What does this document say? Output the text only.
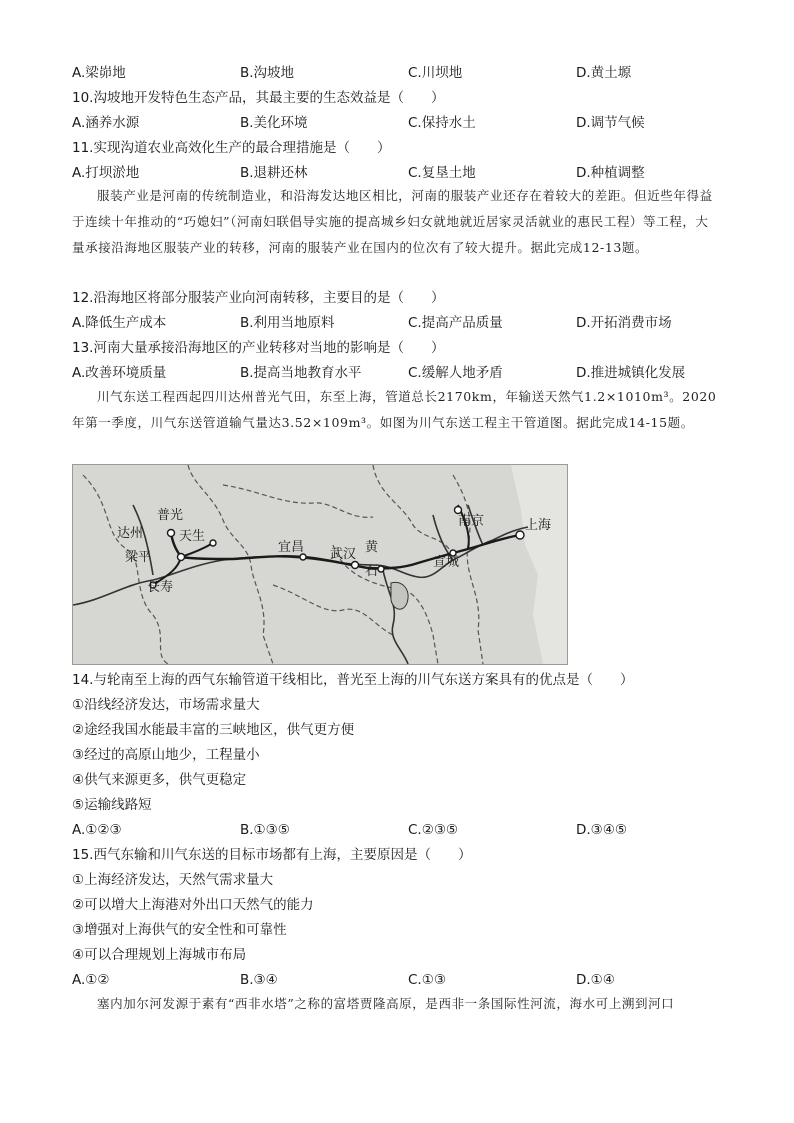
A.梁峁地	B.沟坡地	C.川坝地	D.黄土塬
10.沟坡地开发特色生态产品，其最主要的生态效益是（　　）
A.涵养水源	B.美化环境	C.保持水土	D.调节气候
11.实现沟道农业高效化生产的最合理措施是（　　）
A.打坝淤地	B.退耕还林	C.复垦土地	D.种植调整

服装产业是河南的传统制造业，和沿海发达地区相比，河南的服装产业还存在着较大的差距。但近些年得益于连续十年推动的“巧媳妇”（河南妇联倡导实施的提高城乡妇女就地就近居家灵活就业的惠民工程）等工程，大量承接沿海地区服装产业的转移，河南的服装产业在国内的位次有了较大提升。据此完成12-13题。

12.沿海地区将部分服装产业向河南转移，主要目的是（　　）
A.降低生产成本	B.利用当地原料	C.提高产品质量	D.开拓消费市场
13.河南大量承接沿海地区的产业转移对当地的影响是（　　）
A.改善环境质量	B.提高当地教育水平	C.缓解人地矛盾	D.推进城镇化发展

川气东送工程西起四川达州普光气田，东至上海，管道总长2170km，年输送天然气1.2×1010m³。2020年第一季度，川气东送管道输气量达3.52×109m³。如图为川气东送工程主干管道图。据此完成14-15题。

普光
达州	天生
梁平
长寿
宜昌 武汉 黄
石
南京	上海
宣城
14.与轮南至上海的西气东输管道干线相比，普光至上海的川气东送方案具有的优点是（　　）
①沿线经济发达，市场需求量大
②途经我国水能最丰富的三峡地区，供气更方便
③经过的高原山地少，工程量小
④供气来源更多，供气更稳定
⑤运输线路短
A.①②③	B.①③⑤	C.②③⑤	D.③④⑤
15.西气东输和川气东送的目标市场都有上海，主要原因是（　　）
①上海经济发达，天然气需求量大
②可以增大上海港对外出口天然气的能力
③增强对上海供气的安全性和可靠性
④可以合理规划上海城市布局
A.①②	B.③④	C.①③	D.①④

塞内加尔河发源于素有“西非水塔”之称的富塔贾隆高原，是西非一条国际性河流，海水可上溯到河口
